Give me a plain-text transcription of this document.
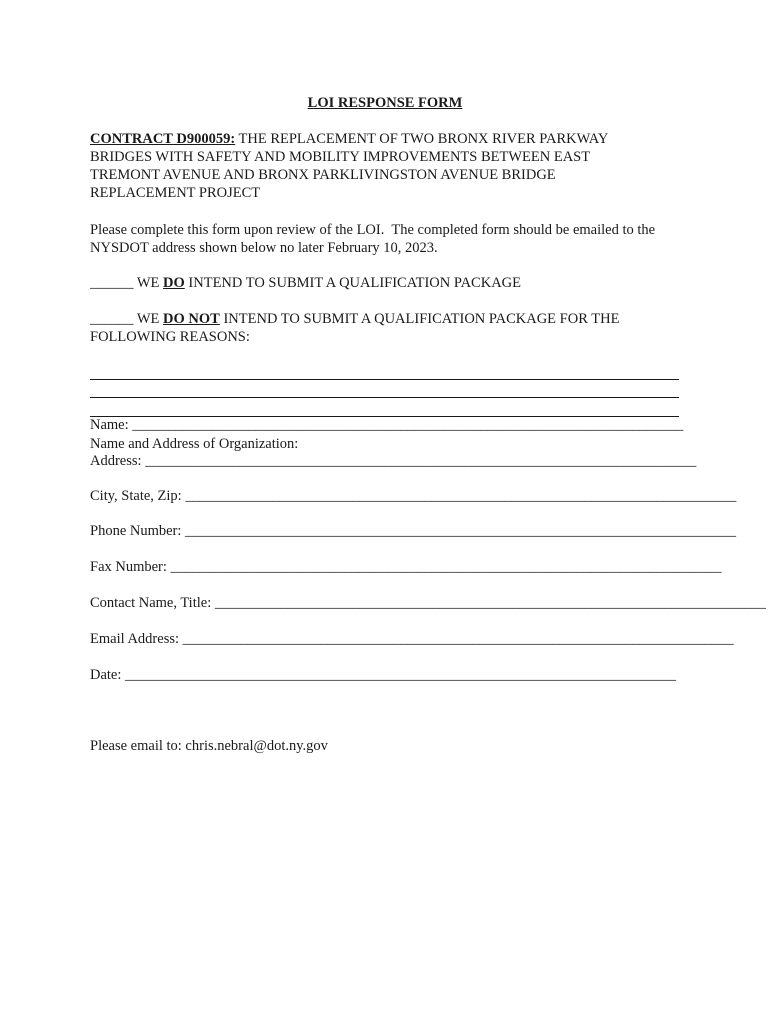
LOI RESPONSE FORM
CONTRACT D900059: THE REPLACEMENT OF TWO BRONX RIVER PARKWAY
BRIDGES WITH SAFETY AND MOBILITY IMPROVEMENTS BETWEEN EAST
TREMONT AVENUE AND BRONX PARKLIVINGSTON AVENUE BRIDGE
REPLACEMENT PROJECT
Please complete this form upon review of the LOI.  The completed form should be emailed to the
NYSDOT address shown below no later February 10, 2023.
______ WE DO INTEND TO SUBMIT A QUALIFICATION PACKAGE
______ WE DO NOT INTEND TO SUBMIT A QUALIFICATION PACKAGE FOR THE
FOLLOWING REASONS:
Name: ____________________________________________________________________________
Name and Address of Organization:
Address: ____________________________________________________________________________
City, State, Zip: ____________________________________________________________________________
Phone Number: ____________________________________________________________________________
Fax Number: ____________________________________________________________________________
Contact Name, Title: ____________________________________________________________________________
Email Address: ____________________________________________________________________________
Date: ____________________________________________________________________________
Please email to: chris.nebral@dot.ny.gov
